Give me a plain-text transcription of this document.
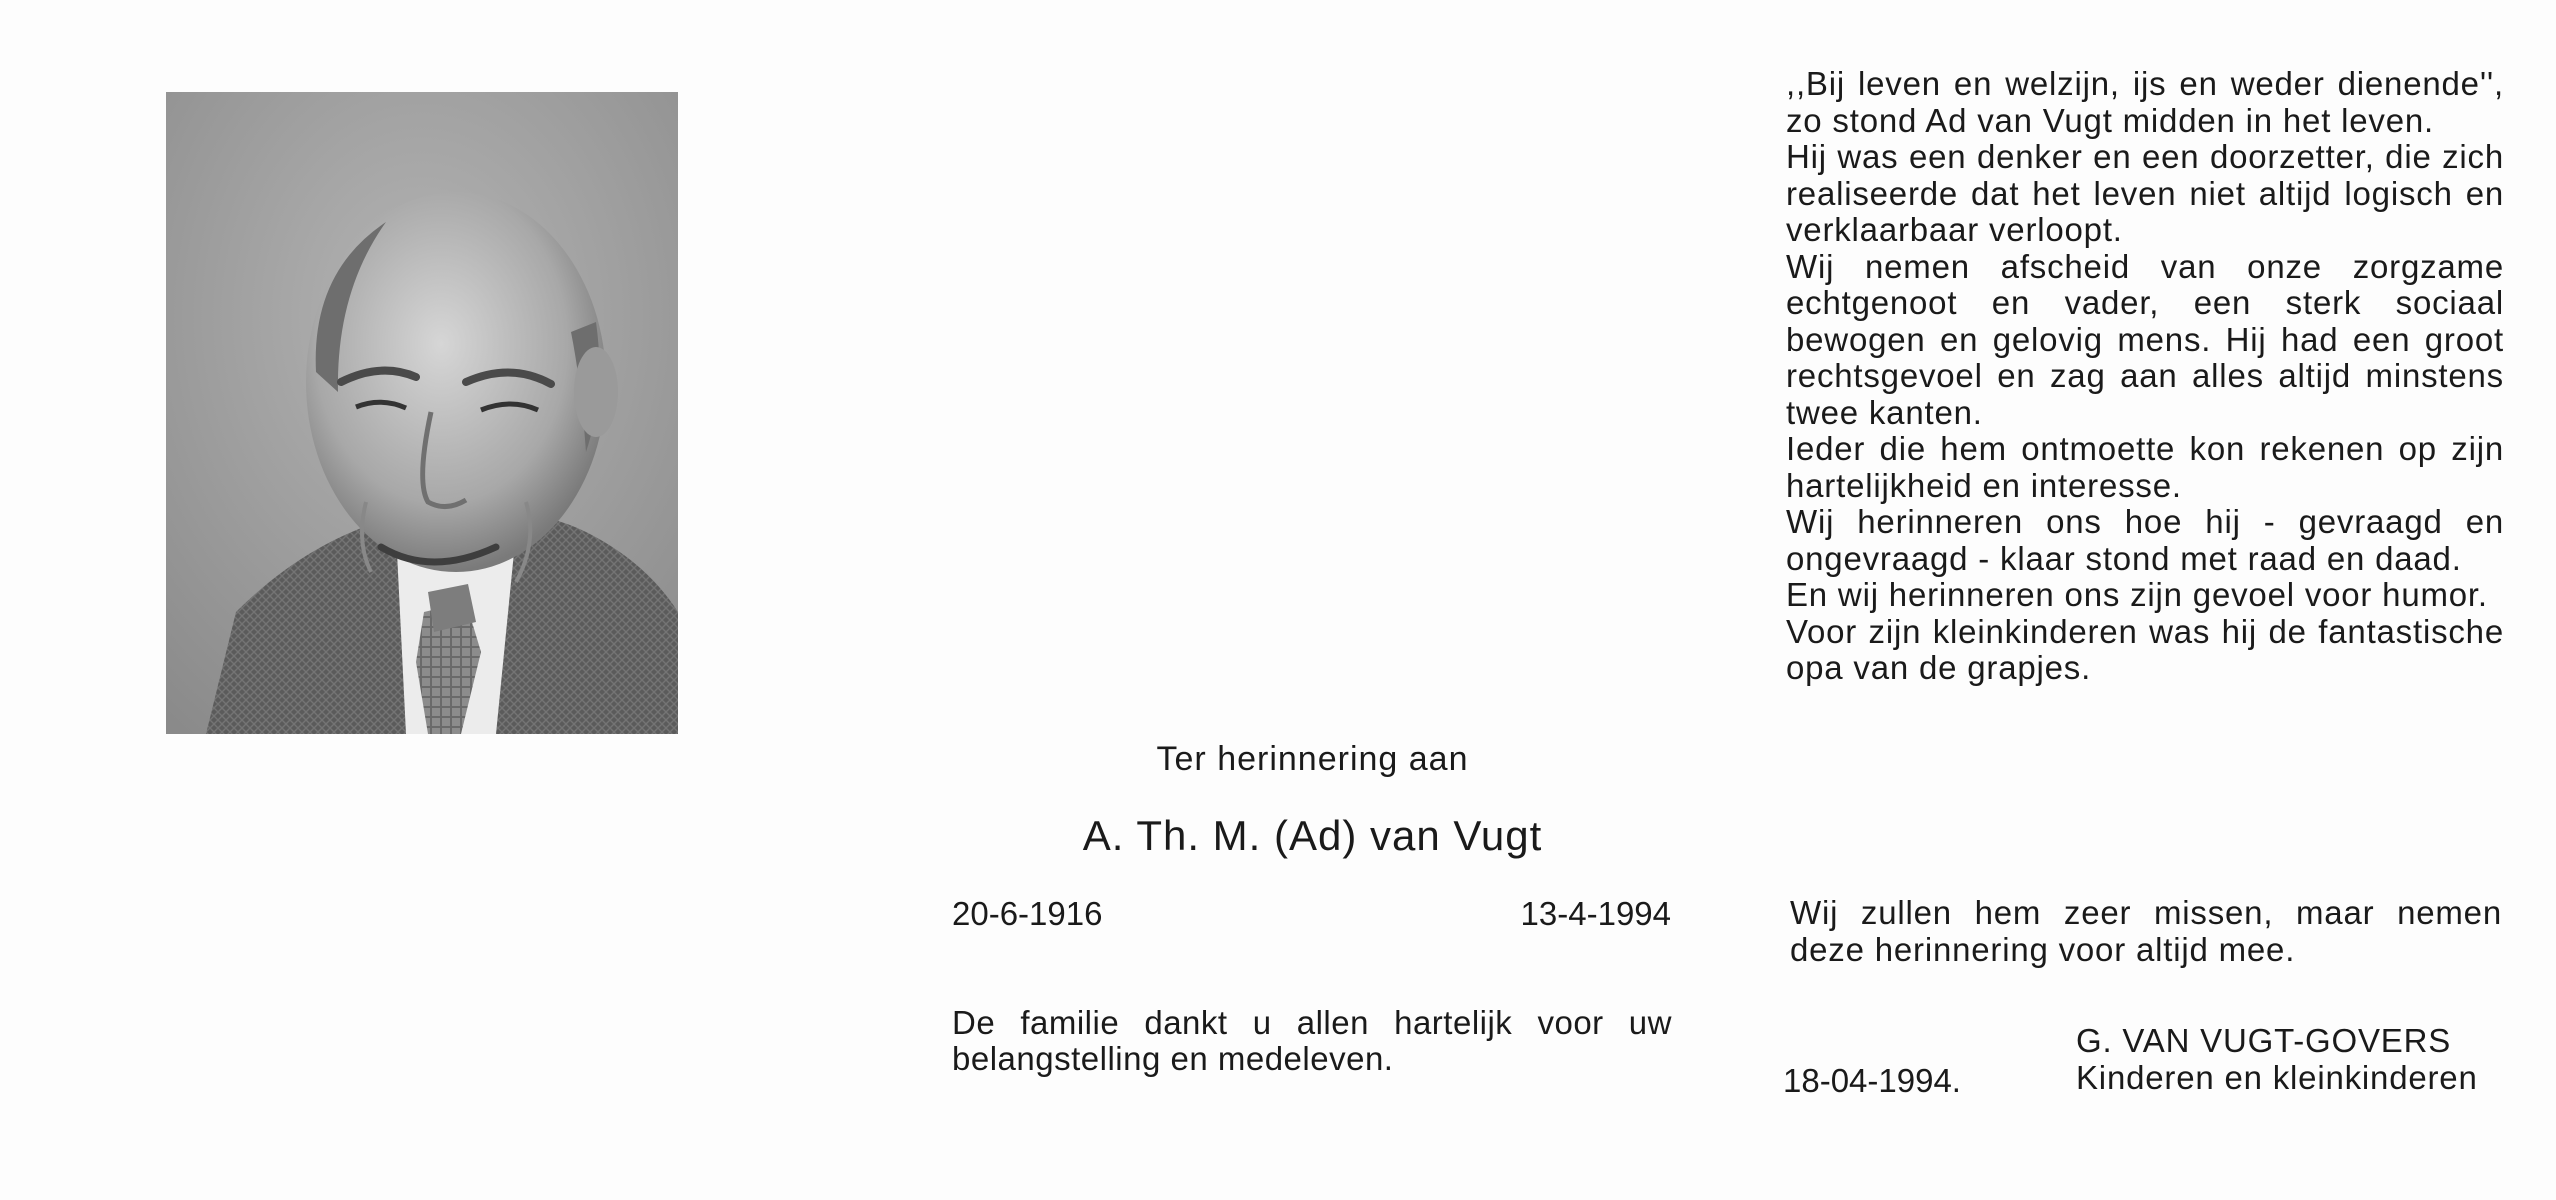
Ter herinnering aan
A. Th. M. (Ad) van Vugt
20-6-1916	13-4-1994
De familie dankt u allen hartelijk voor uw belangstelling en medeleven.

,,Bij leven en welzijn, ijs en weder dienende'', zo stond Ad van Vugt midden in het leven.

Hij was een denker en een doorzetter, die zich realiseerde dat het leven niet altijd logisch en verklaarbaar verloopt.

Wij nemen afscheid van onze zorgzame echtgenoot en vader, een sterk sociaal bewogen en gelovig mens. Hij had een groot rechtsgevoel en zag aan alles altijd minstens twee kanten.

Ieder die hem ontmoette kon rekenen op zijn hartelijkheid en interesse.

Wij herinneren ons hoe hij - gevraagd en ongevraagd - klaar stond met raad en daad.

En wij herinneren ons zijn gevoel voor humor.

Voor zijn kleinkinderen was hij de fantastische opa van de grapjes.

Wij zullen hem zeer missen, maar nemen deze herinnering voor altijd mee.
18-04-1994.
G. VAN VUGT-GOVERS
Kinderen en kleinkinderen
